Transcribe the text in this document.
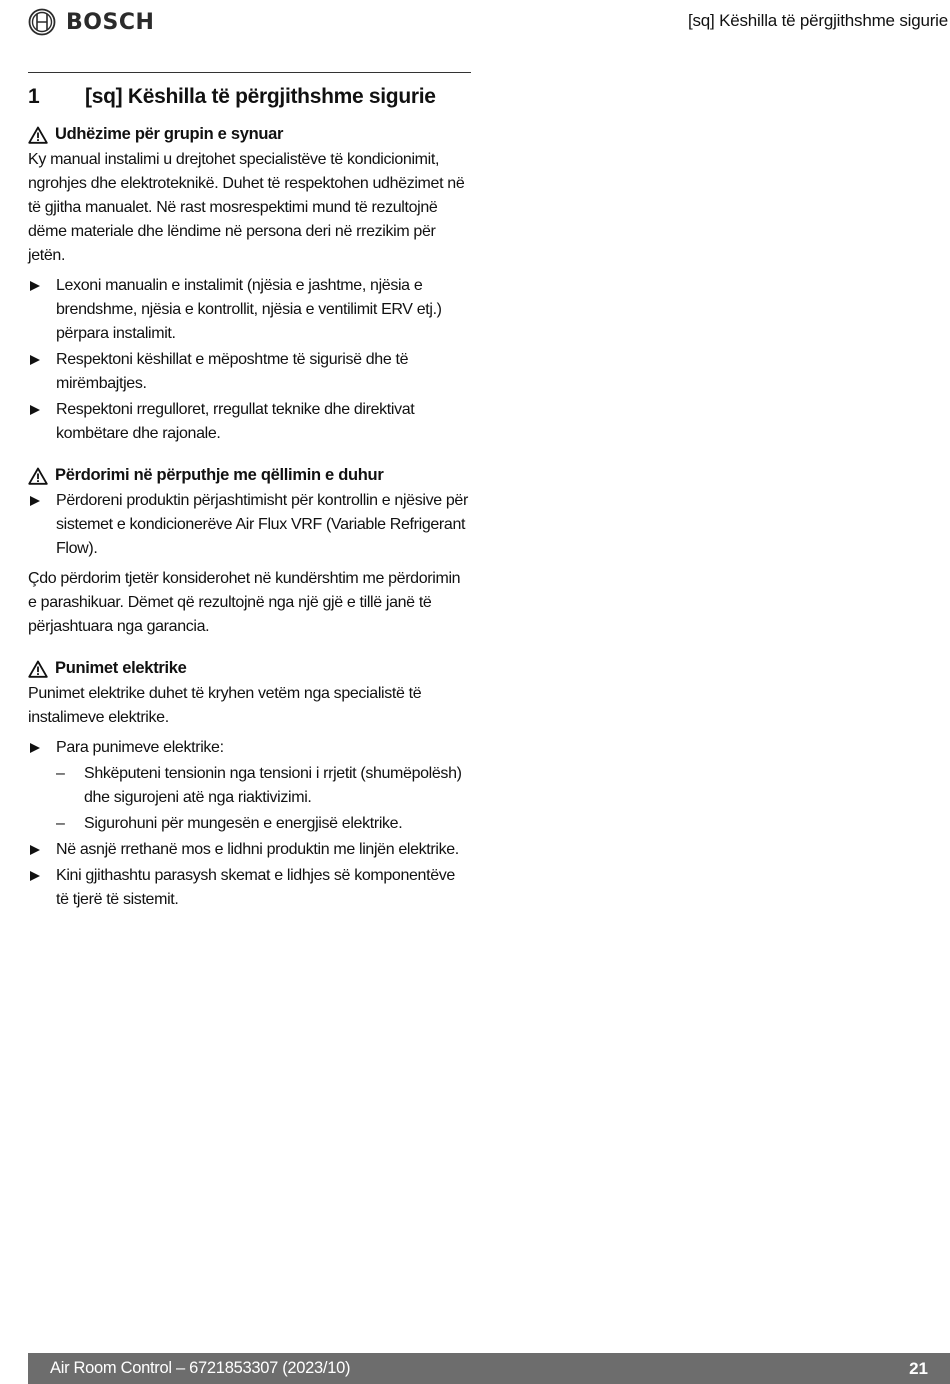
BOSCH	[sq] Këshilla të përgjithshme sigurie
1	[sq] Këshilla të përgjithshme sigurie
Udhëzime për grupin e synuar

Ky manual instalimi u drejtohet specialistëve të kondicionimit, ngrohjes dhe elektroteknikë. Duhet të respektohen udhëzimet në të gjitha manualet. Në rast mosrespektimi mund të rezultojnë dëme materiale dhe lëndime në persona deri në rrezikim për jetën.

Lexoni manualin e instalimit (njësia e jashtme, njësia e brendshme, njësia e kontrollit, njësia e ventilimit ERV etj.) përpara instalimit.
Respektoni këshillat e mëposhtme të sigurisë dhe të mirëmbajtjes.
Respektoni rregulloret, rregullat teknike dhe direktivat kombëtare dhe rajonale.
Përdorimi në përputhje me qëllimin e duhur
Përdoreni produktin përjashtimisht për kontrollin e njësive për sistemet e kondicionerëve Air Flux VRF (Variable Refrigerant Flow).

Çdo përdorim tjetër konsiderohet në kundërshtim me përdorimin e parashikuar. Dëmet që rezultojnë nga një gjë e tillë janë të përjashtuara nga garancia.

Punimet elektrike

Punimet elektrike duhet të kryhen vetëm nga specialistë të instalimeve elektrike.

Para punimeve elektrike:
– Shkëputeni tensionin nga tensioni i rrjetit (shumëpolësh) dhe sigurojeni atë nga riaktivizimi.
– Sigurohuni për mungesën e energjisë elektrike.
Në asnjë rrethanë mos e lidhni produktin me linjën elektrike.
Kini gjithashtu parasysh skemat e lidhjes së komponentëve të tjerë të sistemit.
Air Room Control – 6721853307 (2023/10)	21
